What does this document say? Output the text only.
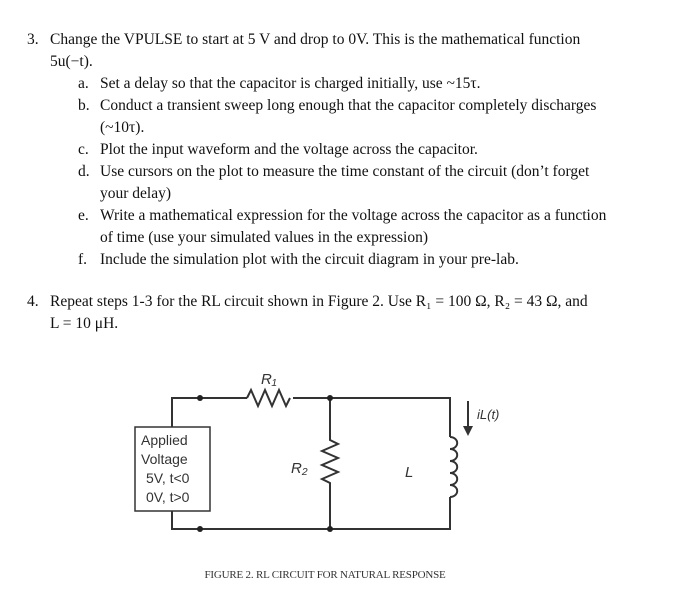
3. Change the VPULSE to start at 5 V and drop to 0V. This is the mathematical function
5u(−t).
a. Set a delay so that the capacitor is charged initially, use ~15τ.
b. Conduct a transient sweep long enough that the capacitor completely discharges
(~10τ).
c. Plot the input waveform and the voltage across the capacitor.
d. Use cursors on the plot to measure the time constant of the circuit (don’t forget
your delay)
e. Write a mathematical expression for the voltage across the capacitor as a function
of time (use your simulated values in the expression)
f. Include the simulation plot with the circuit diagram in your pre-lab.
4. Repeat steps 1-3 for the RL circuit shown in Figure 2. Use R₁ = 100 Ω, R₂ = 43 Ω, and
L = 10 μH.
Applied
Voltage
5V, t<0
0V, t>0
R₁
R₂	L
iL(t)
FIGURE 2. RL CIRCUIT FOR NATURAL RESPONSE
